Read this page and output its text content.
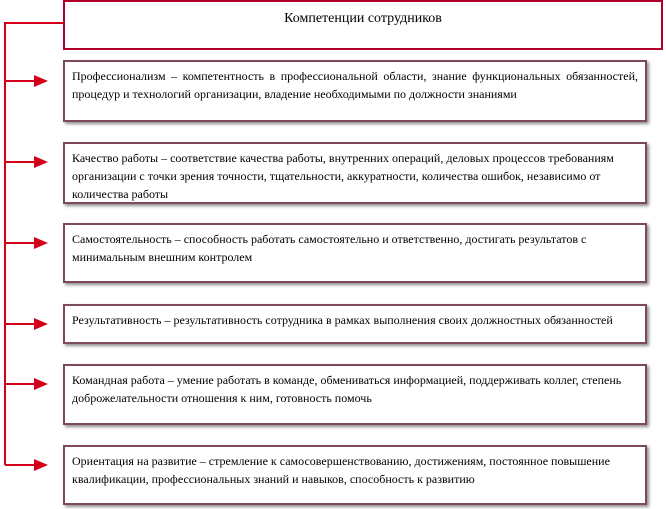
Компетенции сотрудников
Профессионализм – компетентность в профессиональной области, знание функциональных обязанностей, процедур и технологий организации, владение необходимыми по должности знаниями
Качество работы – соответствие качества работы, внутренних операций, деловых процессов требованиям организации с точки зрения точности, тщательности, аккуратности, количества ошибок, независимо от количества работы
Самостоятельность – способность работать самостоятельно и ответственно, достигать результатов с минимальным внешним контролем
Результативность – результативность сотрудника в рамках выполнения своих должностных обязанностей
Командная работа – умение работать в команде, обмениваться информацией, поддерживать коллег, степень доброжелательности отношения к ним, готовность помочь
Ориентация на развитие – стремление к самосовершенствованию, достижениям, постоянное повышение квалификации, профессиональных знаний и навыков, способность к развитию
